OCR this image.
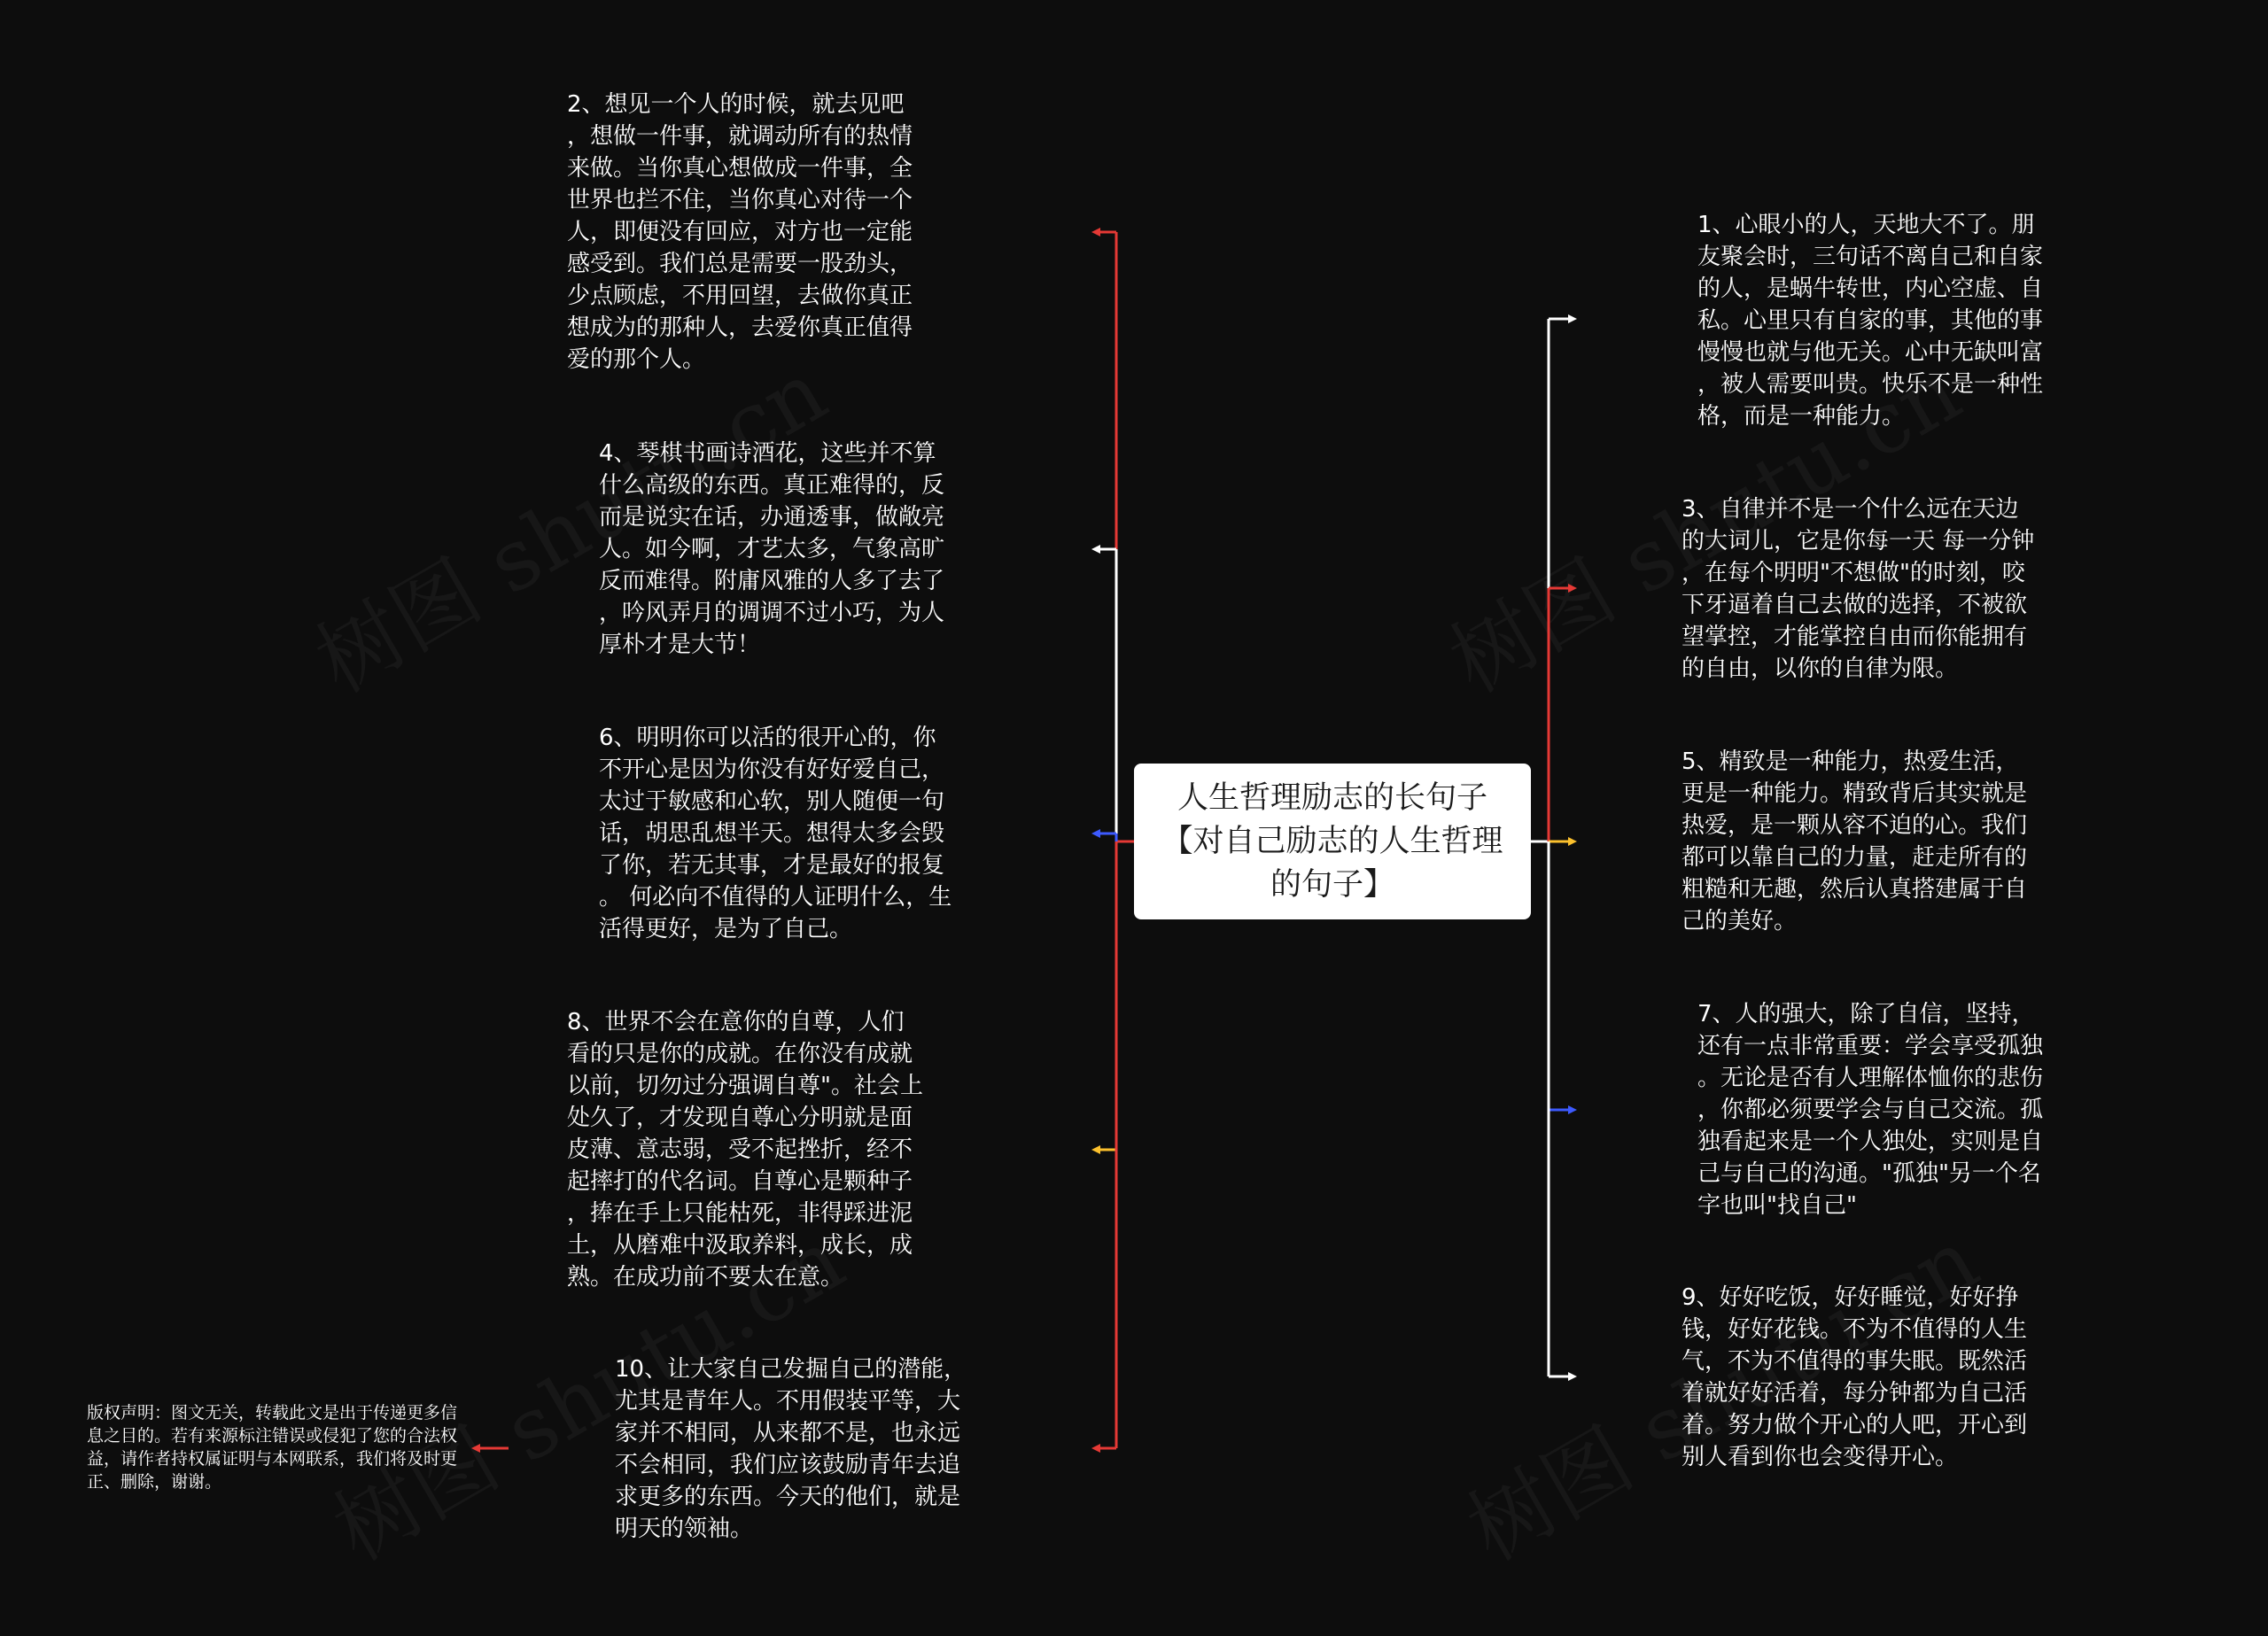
人生哲理励志的长句子【对自己励志的人生哲理的句子】
2、想见一个人的时候，就去见吧
，想做一件事，就调动所有的热情
来做。当你真心想做成一件事，全
世界也拦不住，当你真心对待一个
人，即便没有回应，对方也一定能
感受到。我们总是需要一股劲头，
少点顾虑，不用回望，去做你真正
想成为的那种人，去爱你真正值得
爱的那个人。
4、琴棋书画诗酒花，这些并不算
什么高级的东西。真正难得的，反
而是说实在话，办通透事，做敞亮
人。如今啊，才艺太多，气象高旷
反而难得。附庸风雅的人多了去了
，吟风弄月的调调不过小巧，为人
厚朴才是大节！
6、明明你可以活的很开心的，你
不开心是因为你没有好好爱自己，
太过于敏感和心软，别人随便一句
话，胡思乱想半天。想得太多会毁
了你，若无其事，才是最好的报复
。 何必向不值得的人证明什么，生
活得更好，是为了自己。
8、世界不会在意你的自尊，人们
看的只是你的成就。在你没有成就
以前，切勿过分强调自尊"。社会上
处久了，才发现自尊心分明就是面
皮薄、意志弱，受不起挫折，经不
起摔打的代名词。自尊心是颗种子
，捧在手上只能枯死，非得踩进泥
土，从磨难中汲取养料，成长，成
熟。在成功前不要太在意。
10、让大家自己发掘自己的潜能，
尤其是青年人。不用假装平等，大
家并不相同，从来都不是，也永远
不会相同，我们应该鼓励青年去追
求更多的东西。今天的他们，就是
明天的领袖。
1、心眼小的人，天地大不了。朋
友聚会时，三句话不离自己和自家
的人，是蜗牛转世，内心空虚、自
私。心里只有自家的事，其他的事
慢慢也就与他无关。心中无缺叫富
，被人需要叫贵。快乐不是一种性
格，而是一种能力。
3、自律并不是一个什么远在天边
的大词儿，它是你每一天 每一分钟
，在每个明明"不想做"的时刻，咬
下牙逼着自己去做的选择，不被欲
望掌控，才能掌控自由而你能拥有
的自由，以你的自律为限。
5、精致是一种能力，热爱生活，
更是一种能力。精致背后其实就是
热爱，是一颗从容不迫的心。我们
都可以靠自己的力量，赶走所有的
粗糙和无趣，然后认真搭建属于自
己的美好。
7、人的强大，除了自信，坚持，
还有一点非常重要：学会享受孤独
。无论是否有人理解体恤你的悲伤
，你都必须要学会与自己交流。孤
独看起来是一个人独处，实则是自
己与自己的沟通。"孤独"另一个名
字也叫"找自己"
9、好好吃饭，好好睡觉，好好挣
钱，好好花钱。不为不值得的人生
气，不为不值得的事失眠。既然活
着就好好活着，每分钟都为自己活
着。努力做个开心的人吧，开心到
别人看到你也会变得开心。
版权声明：图文无关，转载此文是出于传递更多信息之目的。若有来源标注错误或侵犯了您的合法权益，请作者持权属证明与本网联系，我们将及时更正、删除，谢谢。
